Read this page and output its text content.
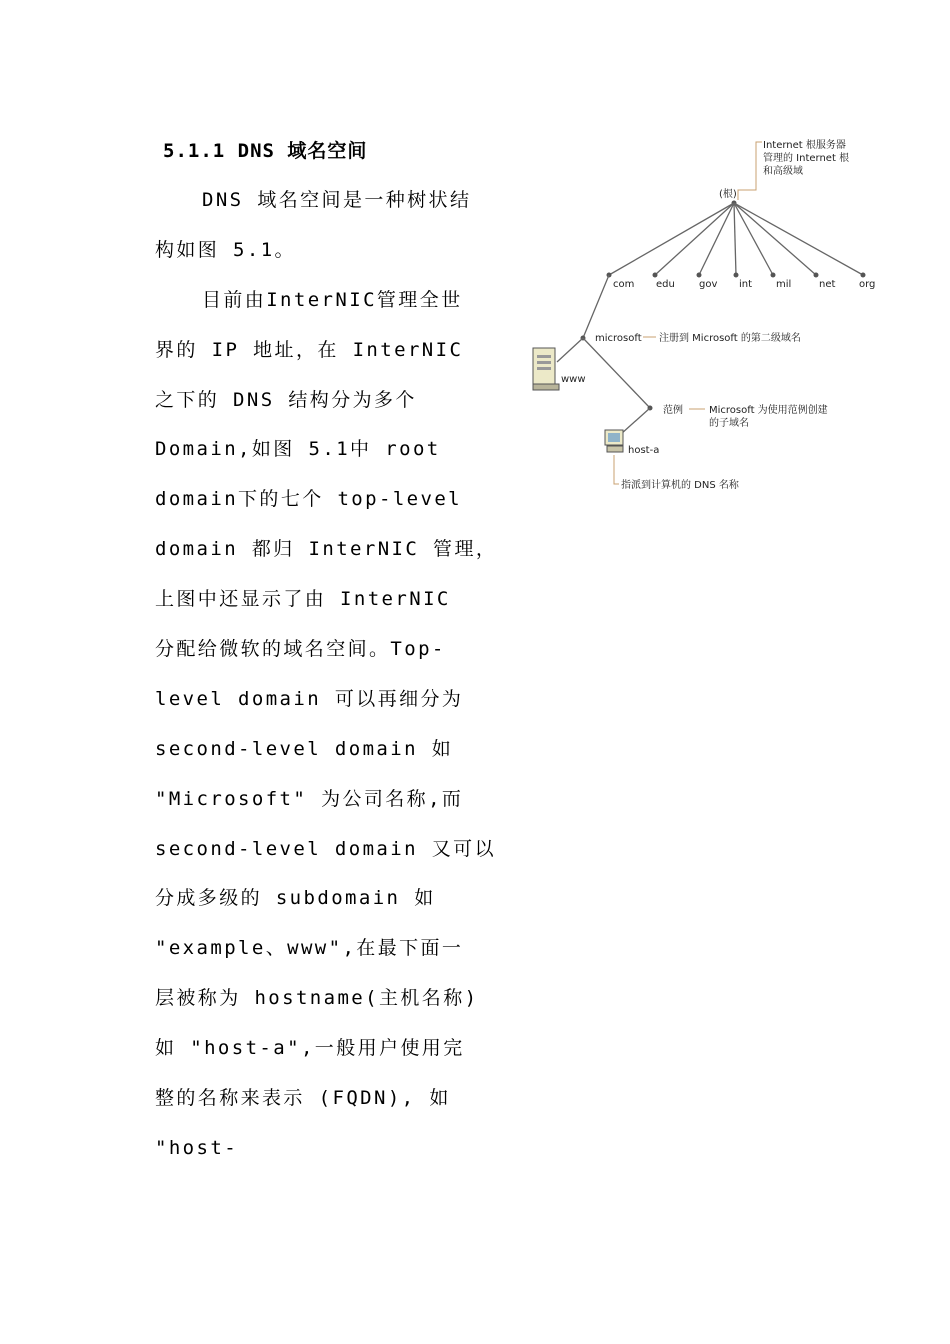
5.1.1 DNS 域名空间
DNS 域名空间是一种树状结
构如图 5.1。
目前由InterNIC管理全世
界的 IP 地址，在 InterNIC
之下的 DNS 结构分为多个
Domain,如图 5.1中 root
domain下的七个 top-level
domain 都归 InterNIC 管理，
上图中还显示了由 InterNIC
分配给微软的域名空间。Top-
level domain 可以再细分为
second-level domain 如
"Microsoft" 为公司名称,而
second-level domain 又可以
分成多级的 subdomain 如
"example、www",在最下面一
层被称为 hostname(主机名称)
如 "host-a",一般用户使用完
整的名称来表示 (FQDN), 如
"host-
Internet 根服务器
管理的 Internet 根
和高级域
(根)
com edu gov int mil	net org
microsoft 注册到 Microsoft 的第二级域名
www
范例	Microsoft 为使用范例创建
的子域名
host-a
指派到计算机的 DNS 名称
